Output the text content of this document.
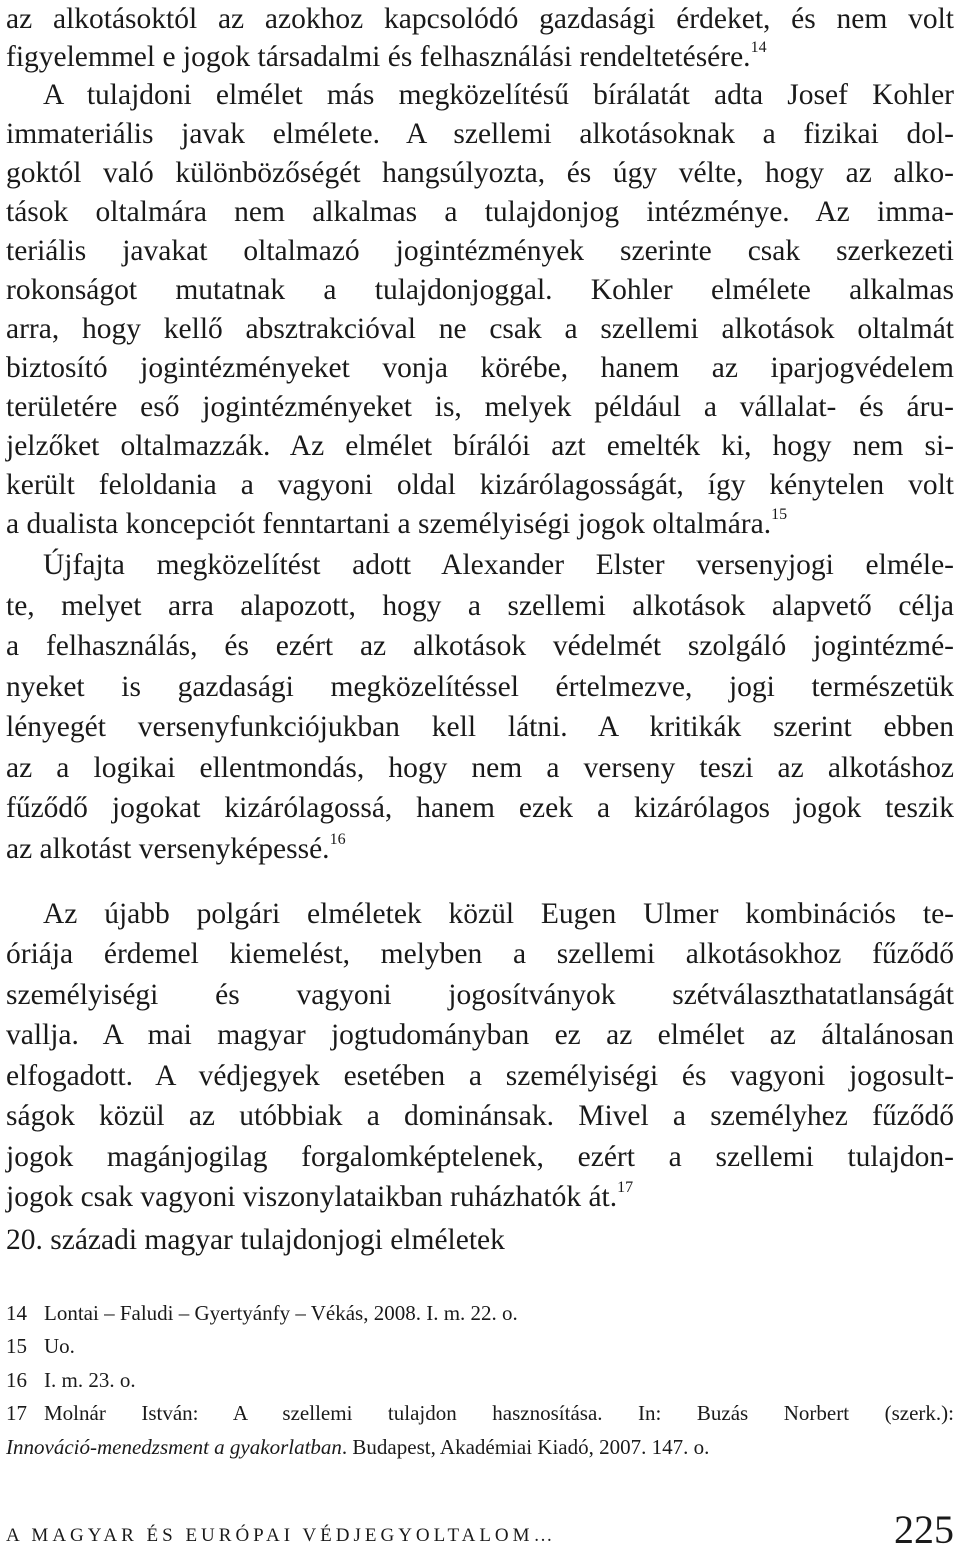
az alkotásoktól az azokhoz kapcsolódó gazdasági érdeket, és nem volt
figyelemmel e jogok társadalmi és felhasználási rendeltetésére.$^{14}$
A tulajdoni elmélet más megközelítésű bírálatát adta Josef Kohler
immateriális javak elmélete. A szellemi alkotásoknak a fizikai dol-
goktól való különbözőségét hangsúlyozta, és úgy vélte, hogy az alko-
tások oltalmára nem alkalmas a tulajdonjog intézménye. Az imma-
teriális javakat oltalmazó jogintézmények szerinte csak szerkezeti
rokonságot mutatnak a tulajdonjoggal. Kohler elmélete alkalmas
arra, hogy kellő absztrakcióval ne csak a szellemi alkotások oltalmát
biztosító jogintézményeket vonja körébe, hanem az iparjogvédelem
területére eső jogintézményeket is, melyek például a vállalat- és áru-
jelzőket oltalmazzák. Az elmélet bírálói azt emelték ki, hogy nem si-
került feloldania a vagyoni oldal kizárólagosságát, így kénytelen volt
a dualista koncepciót fenntartani a személyiségi jogok oltalmára.$^{15}$
Újfajta megközelítést adott Alexander Elster versenyjogi elméle-
te, melyet arra alapozott, hogy a szellemi alkotások alapvető célja
a felhasználás, és ezért az alkotások védelmét szolgáló jogintézmé-
nyeket is gazdasági megközelítéssel értelmezve, jogi természetük
lényegét versenyfunkciójukban kell látni. A kritikák szerint ebben
az a logikai ellentmondás, hogy nem a verseny teszi az alkotáshoz
fűződő jogokat kizárólagossá, hanem ezek a kizárólagos jogok teszik
az alkotást versenyképessé.$^{16}$
Az újabb polgári elméletek közül Eugen Ulmer kombinációs te-
óriája érdemel kiemelést, melyben a szellemi alkotásokhoz fűződő
személyiségi és vagyoni jogosítványok szétválaszthatatlanságát
vallja. A mai magyar jogtudományban ez az elmélet az általánosan
elfogadott. A védjegyek esetében a személyiségi és vagyoni jogosult-
ságok közül az utóbbiak a dominánsak. Mivel a személyhez fűződő
jogok magánjogilag forgalomképtelenek, ezért a szellemi tulajdon-
jogok csak vagyoni viszonylataikban ruházhatók át.$^{17}$
20. századi magyar tulajdonjogi elméletek
14 Lontai – Faludi – Gyertyánfy – Vékás, 2008. I. m. 22. o.
15 Uo.
16 I. m. 23. o.
17 Molnár István: A szellemi tulajdon hasznosítása. In: Buzás Norbert (szerk.):
Innováció-menedzsment a gyakorlatban. Budapest, Akadémiai Kiadó, 2007. 147. o.
A MAGYAR ÉS EURÓPAI VÉDJEGYOLTALOM…	225
